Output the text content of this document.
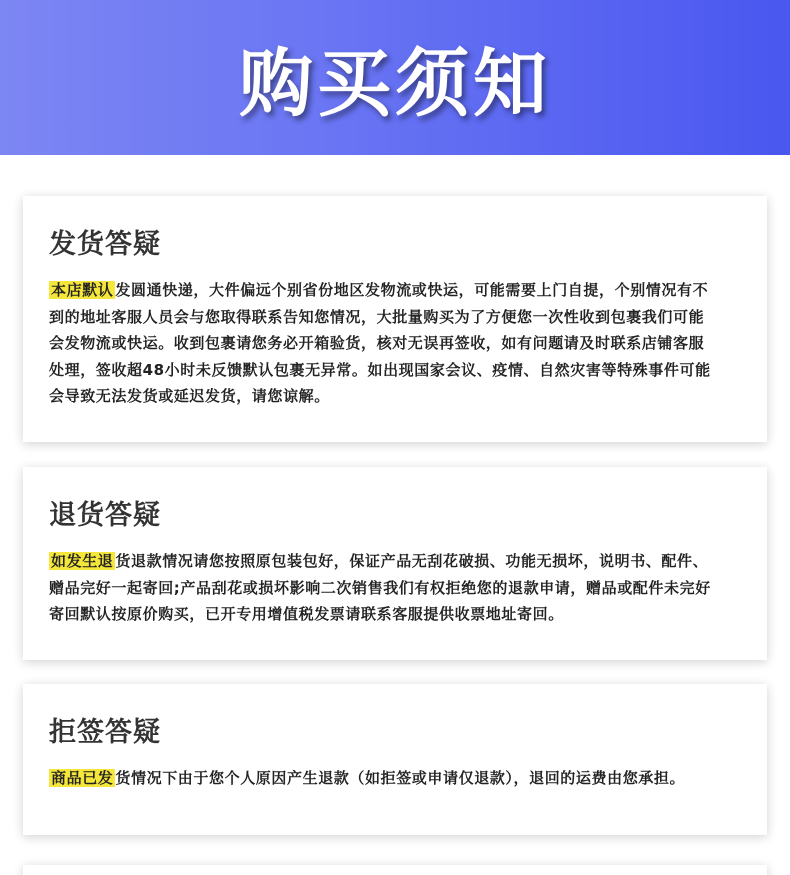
购买须知
发货答疑
本店默认 发圆通快递，大件偏远个别省份地区发物流或快运，可能需要上门自提，个别情况有不到的地址客服人员会与您取得联系告知您情况，大批量购买为了方便您一次性收到包裹我们可能会发物流或快运。收到包裹请您务必开箱验货，核对无误再签收，如有问题请及时联系店铺客服处理，签收超48小时未反馈默认包裹无异常。如出现国家会议、疫情、自然灾害等特殊事件可能会导致无法发货或延迟发货，请您谅解。
退货答疑
如发生退 货退款情况请您按照原包装包好，保证产品无刮花破损、功能无损坏，说明书、配件、赠品完好一起寄回;产品刮花或损坏影响二次销售我们有权拒绝您的退款申请，赠品或配件未完好寄回默认按原价购买，已开专用增值税发票请联系客服提供收票地址寄回。
拒签答疑
商品已发 货情况下由于您个人原因产生退款（如拒签或申请仅退款），退回的运费由您承担。
